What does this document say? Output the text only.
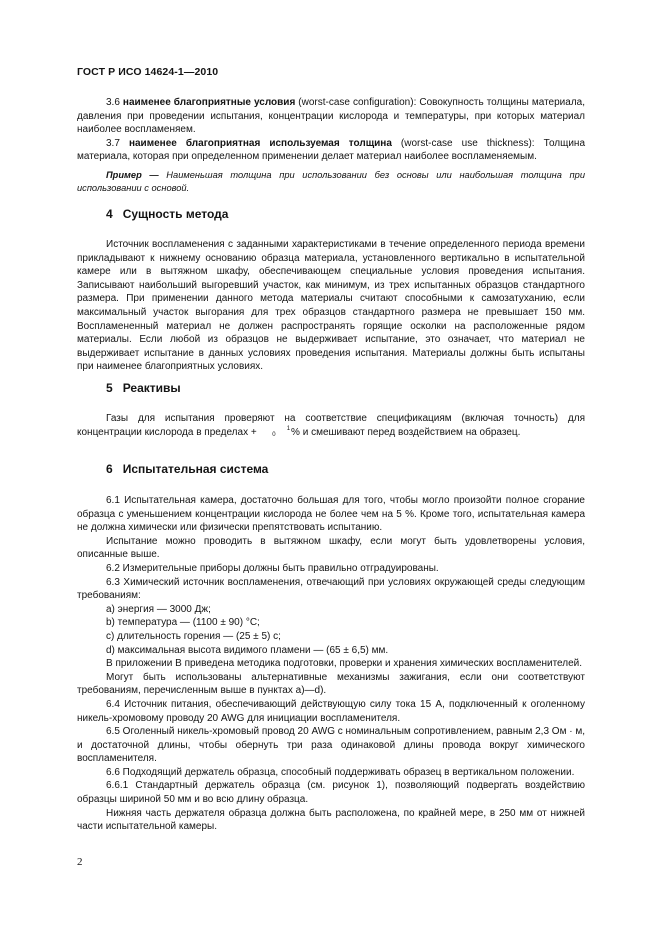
ГОСТ Р ИСО 14624-1—2010

3.6 наименее благоприятные условия (worst-case configuration): Совокупность толщины материала, давления при проведении испытания, концентрации кислорода и температуры, при которых материал наиболее воспламеняем.

3.7 наименее благоприятная используемая толщина (worst-case use thickness): Толщина материала, которая при определенном применении делает материал наиболее воспламеняемым.

Пример — Наименьшая толщина при использовании без основы или наибольшая толщина при использовании с основой.

4 Сущность метода

Источник воспламенения с заданными характеристиками в течение определенного периода времени прикладывают к нижнему основанию образца материала, установленного вертикально в испытательной камере или в вытяжном шкафу, обеспечивающем специальные условия проведения испытания. Записывают наибольший выгоревший участок, как минимум, из трех испытанных образцов стандартного размера. При применении данного метода материалы считают способными к самозатуханию, если максимальный участок выгорания для трех образцов стандартного размера не превышает 150 мм. Воспламененный материал не должен распространять горящие осколки на расположенные рядом материалы. Если любой из образцов не выдерживает испытание, это означает, что материал не выдерживает испытание в данных условиях проведения испытания. Материалы должны быть испытаны при наименее благоприятных условиях.

5 Реактивы

Газы для испытания проверяют на соответствие спецификациям (включая точность) для концентрации кислорода в пределах +	1
0 % и смешивают перед воздействием на образец.

6 Испытательная система

6.1 Испытательная камера, достаточно большая для того, чтобы могло произойти полное сгорание образца с уменьшением концентрации кислорода не более чем на 5 %. Кроме того, испытательная камера не должна химически или физически препятствовать испытанию.

Испытание можно проводить в вытяжном шкафу, если могут быть удовлетворены условия, описанные выше.

6.2 Измерительные приборы должны быть правильно отградуированы.

6.3 Химический источник воспламенения, отвечающий при условиях окружающей среды следующим требованиям:

a) энергия — 3000 Дж;
b) температура — (1100 ± 90) °C;
c) длительность горения — (25 ± 5) c;
d) максимальная высота видимого пламени — (65 ± 6,5) мм.

В приложении В приведена методика подготовки, проверки и хранения химических воспламенителей.

Могут быть использованы альтернативные механизмы зажигания, если они соответствуют требованиям, перечисленным выше в пунктах а)—d).

6.4 Источник питания, обеспечивающий действующую силу тока 15 А, подключенный к оголенному никель-хромовому проводу 20 AWG для инициации воспламенителя.

6.5 Оголенный никель-хромовый провод 20 AWG с номинальным сопротивлением, равным 2,3 Ом · м, и достаточной длины, чтобы обернуть три раза одинаковой длины провода вокруг химического воспламенителя.

6.6 Подходящий держатель образца, способный поддерживать образец в вертикальном положении.

6.6.1 Стандартный держатель образца (см. рисунок 1), позволяющий подвергать воздействию образцы шириной 50 мм и во всю длину образца.

Нижняя часть держателя образца должна быть расположена, по крайней мере, в 250 мм от нижней части испытательной камеры.

2
